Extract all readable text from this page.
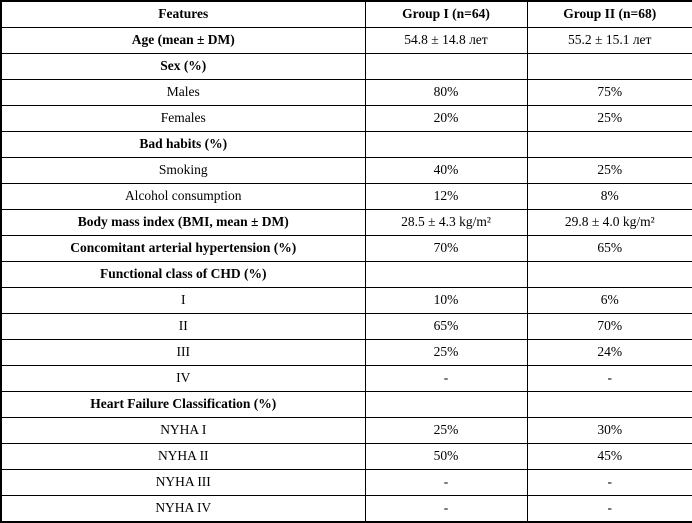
Features	Group I (n=64)	Group II (n=68)
Age (mean ± DM)	54.8 ± 14.8 лет	55.2 ± 15.1 лет
Sex (%)		
Males	80%	75%
Females	20%	25%
Bad habits (%)		
Smoking	40%	25%
Alcohol consumption	12%	8%
Body mass index (BMI, mean ± DM)	28.5 ± 4.3 kg/m²	29.8 ± 4.0 kg/m²
Concomitant arterial hypertension (%)	70%	65%
Functional class of CHD (%)		
I	10%	6%
II	65%	70%
III	25%	24%
IV	-	-
Heart Failure Classification (%)		
NYHA I	25%	30%
NYHA II	50%	45%
NYHA III	-	-
NYHA IV	-	-
